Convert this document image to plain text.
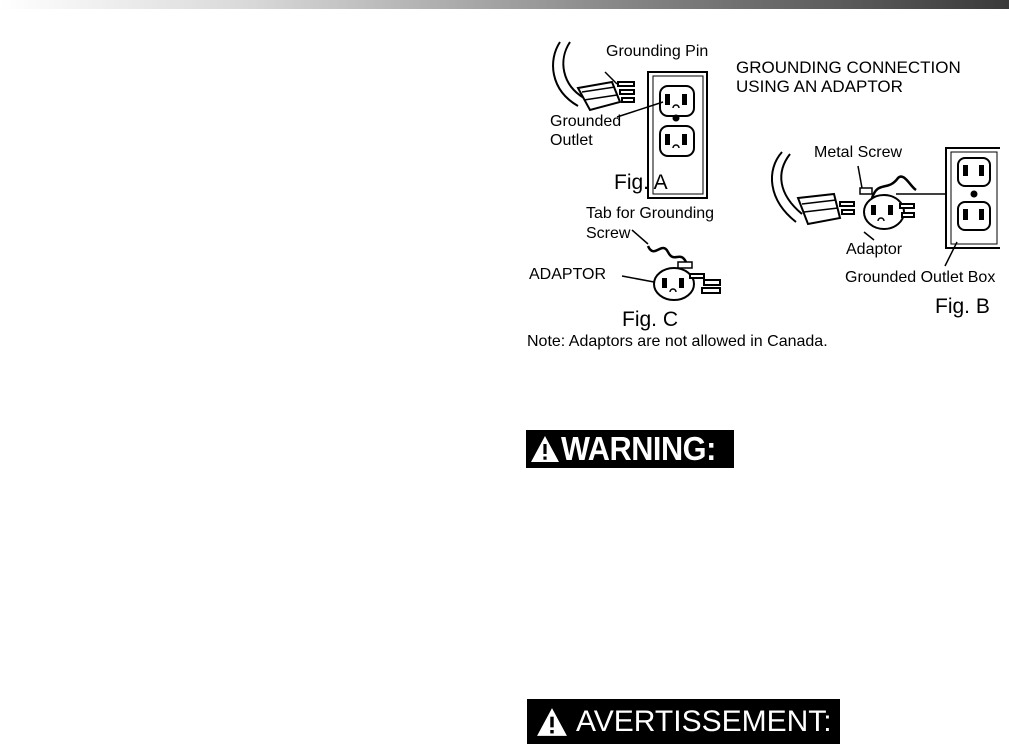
Grounding Pin
GROUNDING CONNECTION
USING AN ADAPTOR
Grounded
Outlet
Metal Screw
Fig. A
Tab for Grounding
Screw
Adaptor
ADAPTOR	Grounded Outlet Box
Fig. B
Fig. C
Note: Adaptors are not allowed in Canada.
WARNING:
AVERTISSEMENT:
